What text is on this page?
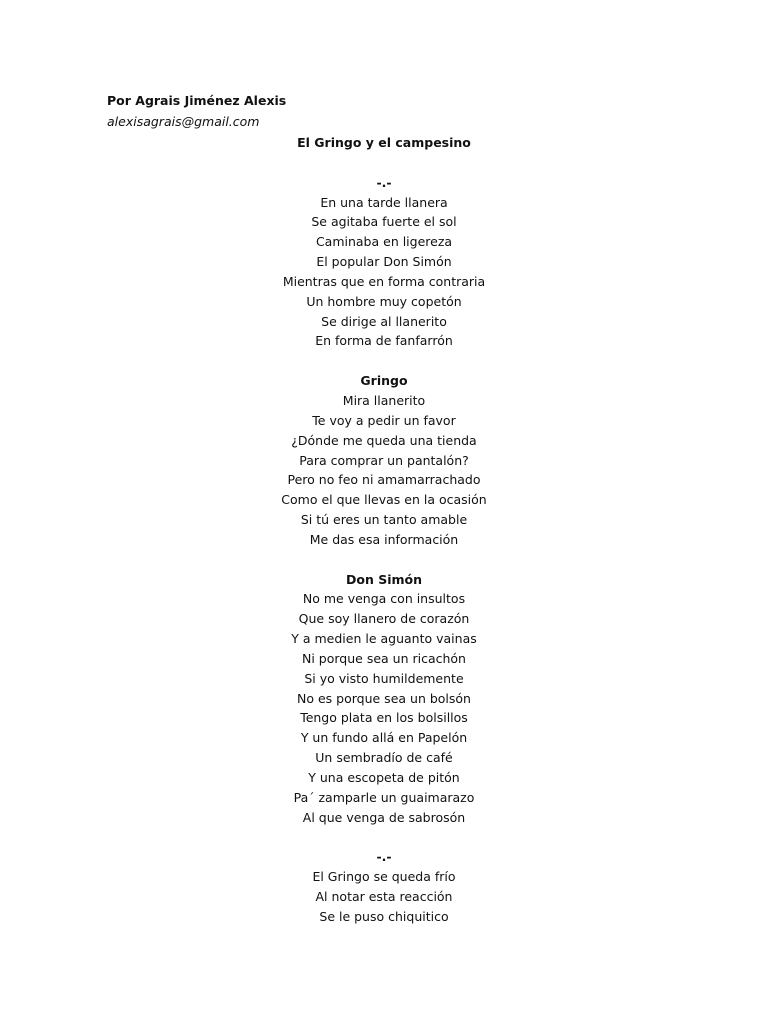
Por Agrais Jiménez Alexis
alexisagrais@gmail.com
El Gringo y el campesino
-.-
En una tarde llanera
Se agitaba fuerte el sol
Caminaba en ligereza
El popular Don Simón
Mientras que en forma contraria
Un hombre muy copetón
Se dirige al llanerito
En forma de fanfarrón
Gringo
Mira llanerito
Te voy a pedir un favor
¿Dónde me queda una tienda
Para comprar un pantalón?
Pero no feo ni amamarrachado
Como el que llevas en la ocasión
Si tú eres un tanto amable
Me das esa información
Don Simón
No me venga con insultos
Que soy llanero de corazón
Y a medien le aguanto vainas
Ni porque sea un ricachón
Si yo visto humildemente
No es porque sea un bolsón
Tengo plata en los bolsillos
Y un fundo allá en Papelón
Un sembradío de café
Y una escopeta de pitón
Pa´ zamparle un guaimarazo
Al que venga de sabrosón
-.-
El Gringo se queda frío
Al notar esta reacción
Se le puso chiquitico
